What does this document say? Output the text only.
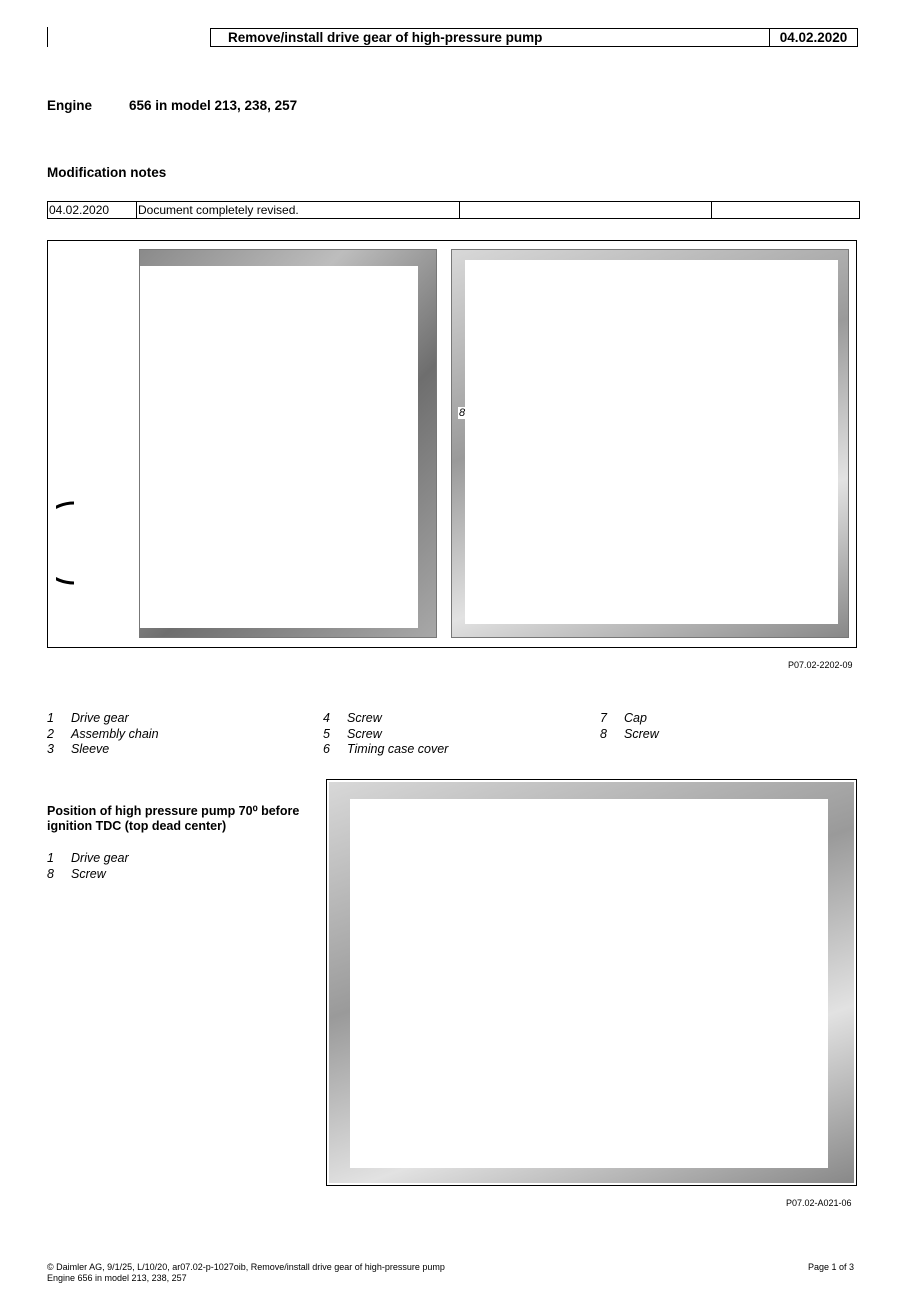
Remove/install drive gear of high-pressure pump	04.02.2020
Engine	656 in model 213, 238, 257
Modification notes
04.02.2020	Document completely revised.		
8
P07.02-2202-09
1 Drive gear
2 Assembly chain
3 Sleeve
4 Screw
5 Screw
6 Timing case cover
7 Cap
8 Screw
Position of high pressure pump 70⁰ before
ignition TDC (top dead center)
1 Drive gear
8 Screw
P07.02-A021-06
© Daimler AG, 9/1/25, L/10/20, ar07.02-p-1027oib, Remove/install drive gear of high-pressure pump
Engine 656 in model 213, 238, 257
Page 1 of 3
